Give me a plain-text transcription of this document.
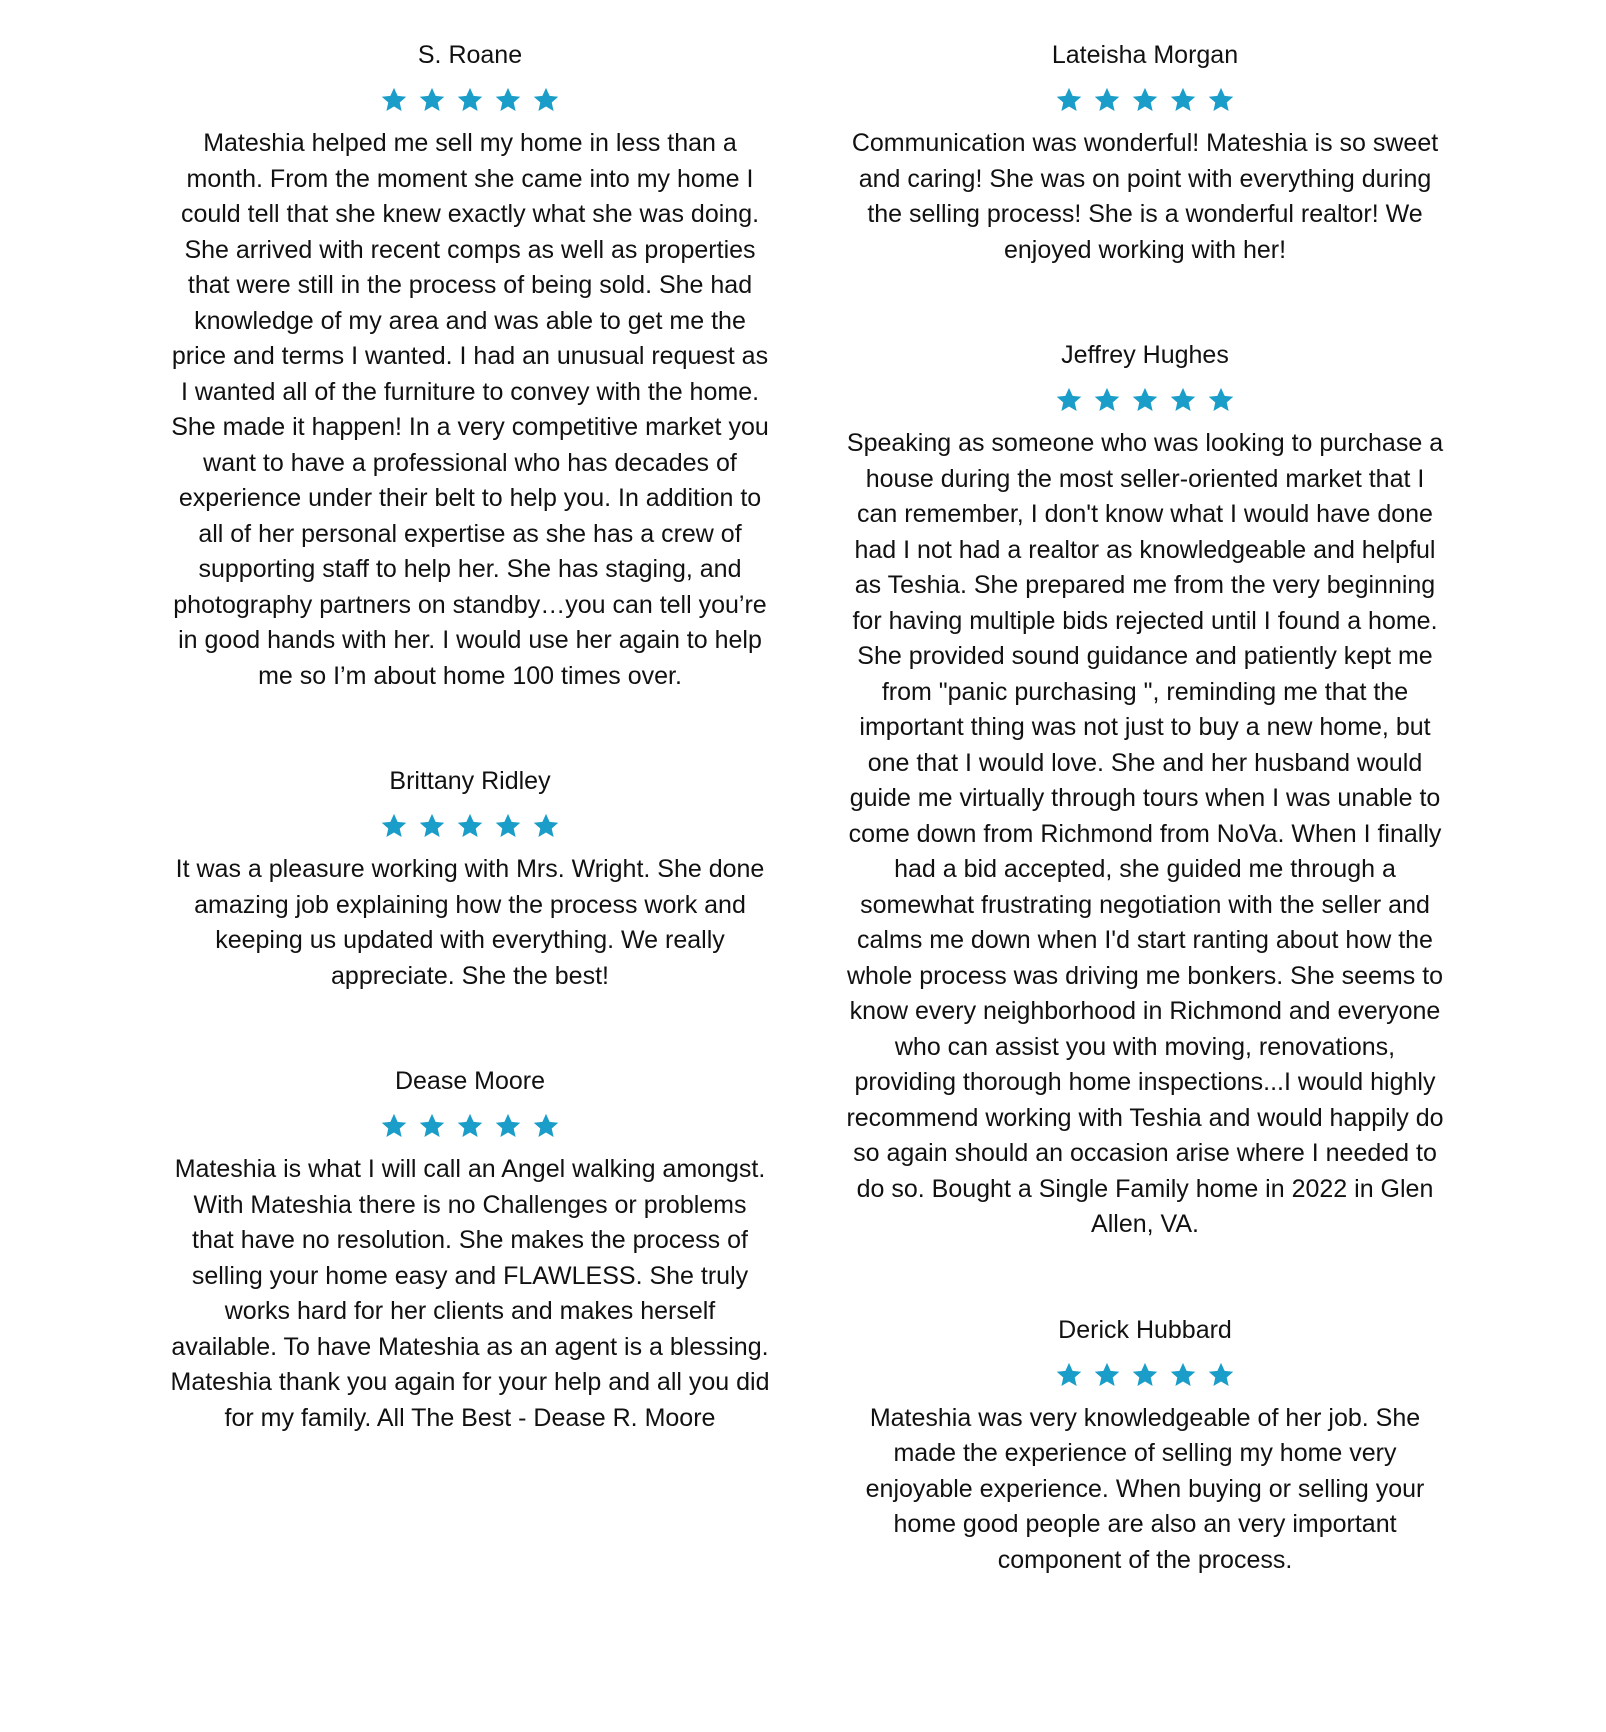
S. Roane

Mateshia helped me sell my home in less than a month. From the moment she came into my home I could tell that she knew exactly what she was doing. She arrived with recent comps as well as properties that were still in the process of being sold. She had knowledge of my area and was able to get me the price and terms I wanted. I had an unusual request as I wanted all of the furniture to convey with the home. She made it happen! In a very competitive market you want to have a professional who has decades of experience under their belt to help you. In addition to all of her personal expertise as she has a crew of supporting staff to help her. She has staging, and photography partners on standby…you can tell you’re in good hands with her. I would use her again to help me so I’m about home 100 times over.

Brittany Ridley

It was a pleasure working with Mrs. Wright. She done amazing job explaining how the process work and keeping us updated with everything. We really appreciate. She the best!

Dease Moore

Mateshia is what I will call an Angel walking amongst. With Mateshia there is no Challenges or problems that have no resolution. She makes the process of selling your home easy and FLAWLESS. She truly works hard for her clients and makes herself available. To have Mateshia as an agent is a blessing. Mateshia thank you again for your help and all you did for my family. All The Best - Dease R. Moore

Lateisha Morgan

Communication was wonderful! Mateshia is so sweet and caring! She was on point with everything during the selling process! She is a wonderful realtor! We enjoyed working with her!

Jeffrey Hughes

Speaking as someone who was looking to purchase a house during the most seller-oriented market that I can remember, I don't know what I would have done had I not had a realtor as knowledgeable and helpful as Teshia. She prepared me from the very beginning for having multiple bids rejected until I found a home. She provided sound guidance and patiently kept me from "panic purchasing ", reminding me that the important thing was not just to buy a new home, but one that I would love. She and her husband would guide me virtually through tours when I was unable to come down from Richmond from NoVa. When I finally had a bid accepted, she guided me through a somewhat frustrating negotiation with the seller and calms me down when I'd start ranting about how the whole process was driving me bonkers. She seems to know every neighborhood in Richmond and everyone who can assist you with moving, renovations, providing thorough home inspections...I would highly recommend working with Teshia and would happily do so again should an occasion arise where I needed to do so. Bought a Single Family home in 2022 in Glen Allen, VA.

Derick Hubbard

Mateshia was very knowledgeable of her job. She made the experience of selling my home very enjoyable experience. When buying or selling your home good people are also an very important component of the process.
